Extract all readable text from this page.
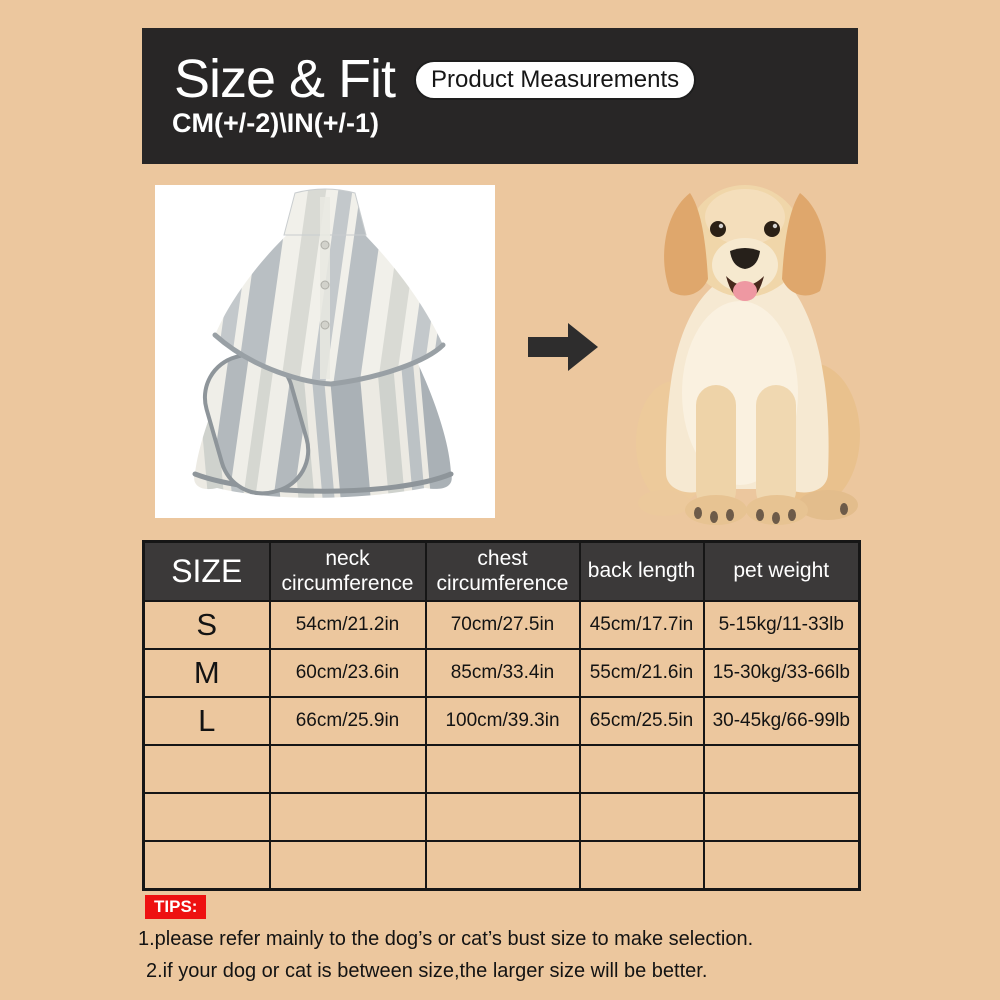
Size & Fit	Product Measurements
CM(+/-2)\IN(+/-1)
SIZE	neck circumference	chest circumference	back length	pet weight
S	54cm/21.2in	70cm/27.5in	45cm/17.7in	5-15kg/11-33lb
M	60cm/23.6in	85cm/33.4in	55cm/21.6in	15-30kg/33-66lb
L	66cm/25.9in	100cm/39.3in	65cm/25.5in	30-45kg/66-99lb

TIPS:
1.please refer mainly to the dog’s or cat’s bust size to make selection.
2.if your dog or cat is between size,the larger size will be better.
